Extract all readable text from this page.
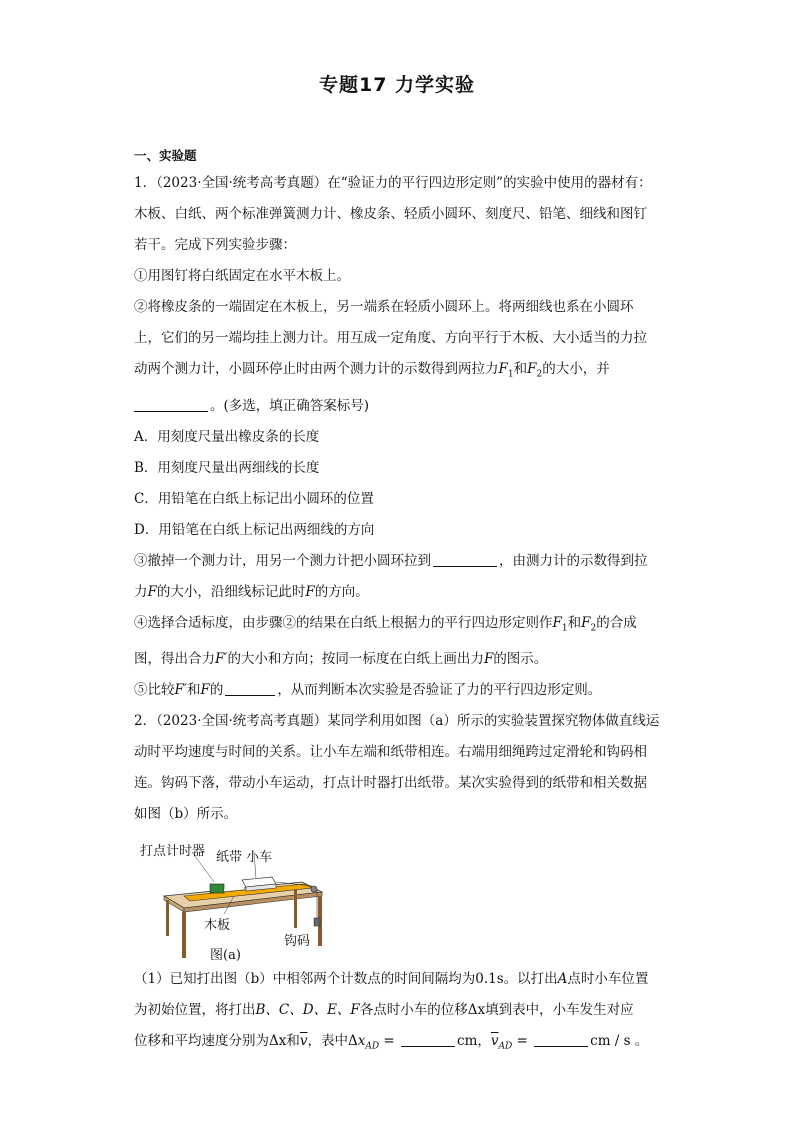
专题17 力学实验
一、实验题

1．（2023·全国·统考高考真题）在“验证力的平行四边形定则”的实验中使用的器材有：

木板、白纸、两个标准弹簧测力计、橡皮条、轻质小圆环、刻度尺、铅笔、细线和图钉

若干。完成下列实验步骤：

①用图钉将白纸固定在水平木板上。

②将橡皮条的一端固定在木板上，另一端系在轻质小圆环上。将两细线也系在小圆环

上，它们的另一端均挂上测力计。用互成一定角度、方向平行于木板、大小适当的力拉

动两个测力计，小圆环停止时由两个测力计的示数得到两拉力$F_1$和$F_2$的大小，并

。(多选，填正确答案标号)

A．用刻度尺量出橡皮条的长度

B．用刻度尺量出两细线的长度

C．用铅笔在白纸上标记出小圆环的位置

D．用铅笔在白纸上标记出两细线的方向

③撤掉一个测力计，用另一个测力计把小圆环拉到	，由测力计的示数得到拉

力F的大小，沿细线标记此时F的方向。

④选择合适标度，由步骤②的结果在白纸上根据力的平行四边形定则作$F_1$和$F_2$的合成

图，得出合力F′的大小和方向；按同一标度在白纸上画出力F的图示。

⑤比较F′和F的	，从而判断本次实验是否验证了力的平行四边形定则。

2．（2023·全国·统考高考真题）某同学利用如图（a）所示的实验装置探究物体做直线运

动时平均速度与时间的关系。让小车左端和纸带相连。右端用细绳跨过定滑轮和钩码相

连。钩码下落，带动小车运动，打点计时器打出纸带。某次实验得到的纸带和相关数据

如图（b）所示。

打点计时器 纸带 小车
木板
钩码
图(a)

（1）已知打出图（b）中相邻两个计数点的时间间隔均为0.1s。以打出A点时小车位置

为初始位置，将打出B、C、D、E、F各点时小车的位移Δx填到表中，小车发生对应

位移和平均速度分别为Δx和$\overline{v}$，表中$\Delta x_{AD}$ =	cm，$\overline{v}_{AD}$ =	cm / s 。
